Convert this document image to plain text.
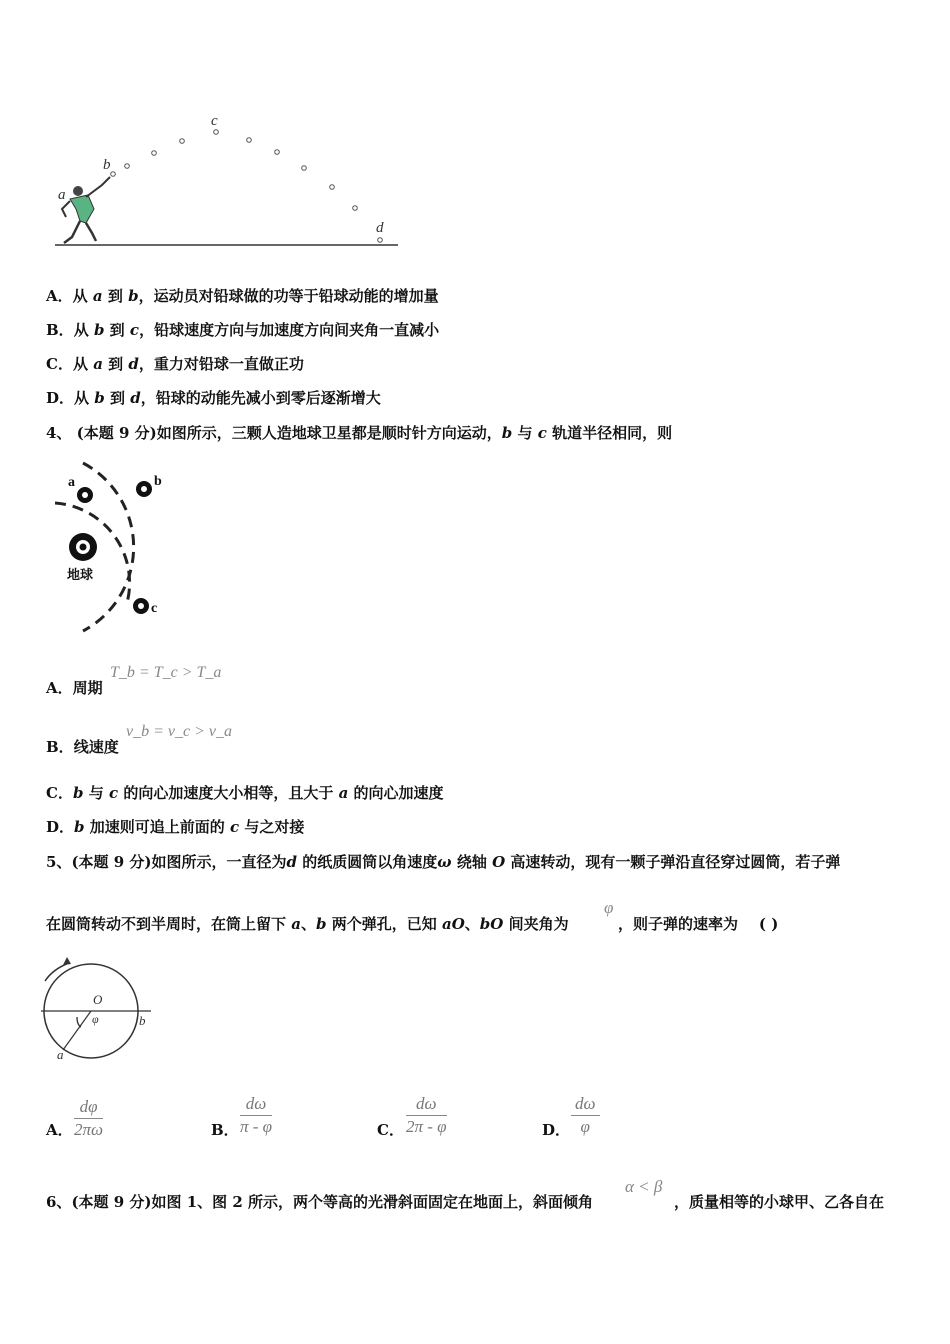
a
b
c
d
A．从 a 到 b，运动员对铅球做的功等于铅球动能的增加量
B．从 b 到 c，铅球速度方向与加速度方向间夹角一直减小
C．从 a 到 d，重力对铅球一直做正功
D．从 b 到 d，铅球的动能先减小到零后逐渐增大
4、 (本题 9 分)如图所示，三颗人造地球卫星都是顺时针方向运动，b 与 c 轨道半径相同，则
地球
a	b
c
A．周期
T_b = T_c > T_a
B．线速度
v_b = v_c > v_a
C．b 与 c 的向心加速度大小相等，且大于 a 的向心加速度
D．b 加速则可追上前面的 c 与之对接
5、(本题 9 分)如图所示，一直径为d 的纸质圆筒以角速度ω 绕轴 O 高速转动，现有一颗子弹沿直径穿过圆筒，若子弹
在圆筒转动不到半周时，在筒上留下 a、b 两个弹孔，已知 aO、bO 间夹角为
φ
，则子弹的速率为 ( )
O
φ
a
b
A． $\frac{d\varphi}{2\pi\omega}$	B． $\frac{d\omega}{\pi - \varphi}$	C． $\frac{d\omega}{2\pi - \varphi}$	D． $\frac{d\omega}{\varphi}$
6、(本题 9 分)如图 1、图 2 所示，两个等高的光滑斜面固定在地面上，斜面倾角
α < β
，质量相等的小球甲、乙各自在
